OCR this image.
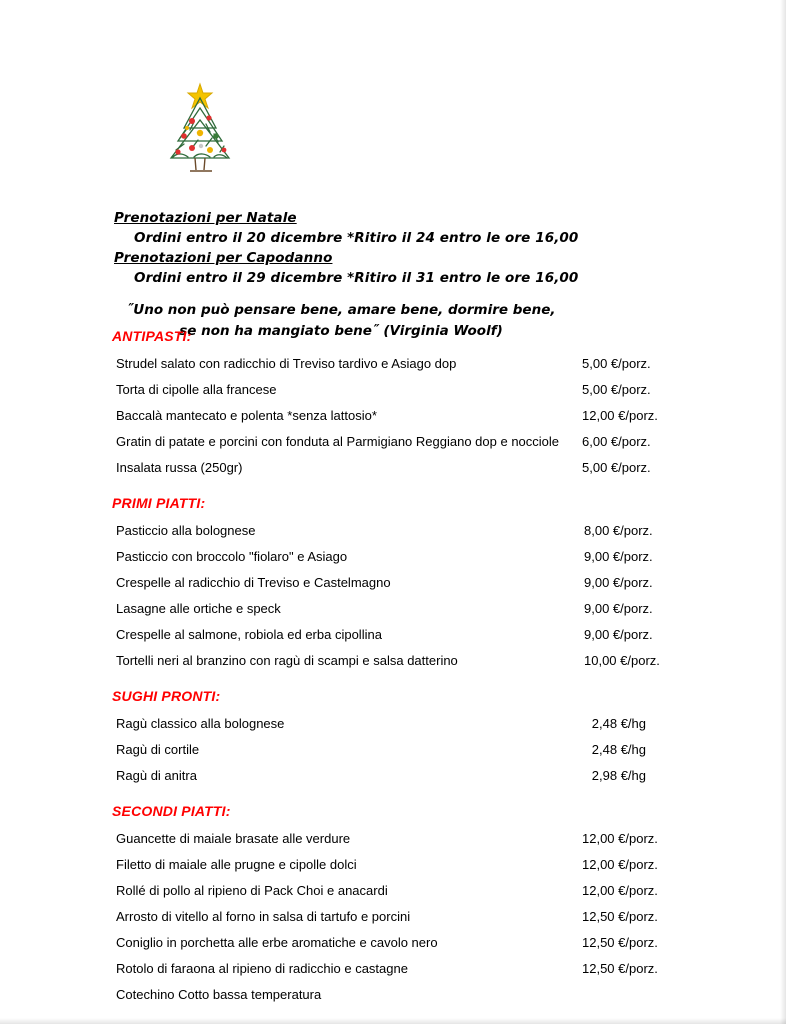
Prenotazioni per Natale
Ordini entro il 20 dicembre *Ritiro il 24 entro le ore 16,00
Prenotazioni per Capodanno
Ordini entro il 29 dicembre *Ritiro il 31 entro le ore 16,00
˝Uno non può pensare bene, amare bene, dormire bene,
se non ha mangiato bene˝ (Virginia Woolf)
ANTIPASTI:
Strudel salato con radicchio di Treviso tardivo e Asiago dop	5,00 €/porz.
Torta di cipolle alla francese	5,00 €/porz.
Baccalà mantecato e polenta *senza lattosio*	12,00 €/porz.
Gratin di patate e porcini con fonduta al Parmigiano Reggiano dop e nocciole 6,00 €/porz.
Insalata russa (250gr)	5,00 €/porz.
PRIMI PIATTI:
Pasticcio alla bolognese	8,00 €/porz.
Pasticcio con broccolo "fiolaro" e Asiago	9,00 €/porz.
Crespelle al radicchio di Treviso e Castelmagno	9,00 €/porz.
Lasagne alle ortiche e speck	9,00 €/porz.
Crespelle al salmone, robiola ed erba cipollina	9,00 €/porz.
Tortelli neri al branzino con ragù di scampi e salsa datterino	10,00 €/porz.
SUGHI PRONTI:
Ragù classico alla bolognese	2,48 €/hg
Ragù di cortile	2,48 €/hg
Ragù di anitra	2,98 €/hg
SECONDI PIATTI:
Guancette di maiale brasate alle verdure	12,00 €/porz.
Filetto di maiale alle prugne e cipolle dolci	12,00 €/porz.
Rollé di pollo al ripieno di Pack Choi e anacardi	12,00 €/porz.
Arrosto di vitello al forno in salsa di tartufo e porcini	12,50 €/porz.
Coniglio in porchetta alle erbe aromatiche e cavolo nero	12,50 €/porz.
Rotolo di faraona al ripieno di radicchio e castagne	12,50 €/porz.
Cotechino Cotto bassa temperatura
